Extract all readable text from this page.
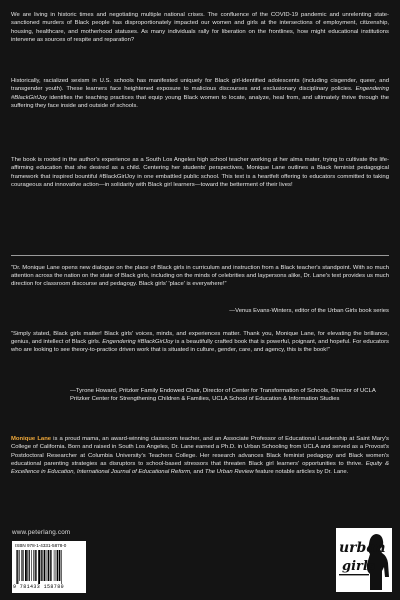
We are living in historic times and negotiating multiple national crises. The confluence of the COVID-19 pandemic and unrelenting state-sanctioned murders of Black people has disproportionately impacted our women and girls at the intersections of employment, citizenship, housing, healthcare, and motherhood statuses. As many individuals rally for liberation on the frontlines, how might educational institutions intervene as sources of respite and reparation?

Historically, racialized sexism in U.S. schools has manifested uniquely for Black girl-identified adolescents (including cisgender, queer, and transgender youth). These learners face heightened exposure to malicious discourses and exclusionary disciplinary policies. Engendering #BlackGirlJoy identifies the teaching practices that equip young Black women to locate, analyze, heal from, and ultimately thrive through the suffering they face inside and outside of schools.

The book is rooted in the author's experience as a South Los Angeles high school teacher working at her alma mater, trying to cultivate the life-affirming education that she desired as a child. Centering her students' perspectives, Monique Lane outlines a Black feminist pedagogical framework that inspired bountiful #BlackGirlJoy in one embattled public school. This text is a heartfelt offering to educators committed to taking courageous and innovative action—in solidarity with Black girl learners—toward the betterment of their lives!

“Dr. Monique Lane opens new dialogue on the place of Black girls in curriculum and instruction from a Black teacher's standpoint. With so much attention across the nation on the state of Black girls, including on the minds of celebrities and laypersons alike, Dr. Lane's text provides us much direction for classroom discourse and pedagogy. Black girls' 'place' is everywhere!”

—Venus Evans-Winters, editor of the Urban Girls book series

“Simply stated, Black girls matter! Black girls' voices, minds, and experiences matter. Thank you, Monique Lane, for elevating the brilliance, genius, and intellect of Black girls. Engendering #BlackGirlJoy is a beautifully crafted book that is powerful, poignant, and hopeful. For educators who are looking to see theory-to-practice driven work that is situated in culture, gender, care, and agency, this is the book!”

—Tyrone Howard, Pritzker Family Endowed Chair, Director of Center for Transformation of Schools, Director of UCLA Pritzker Center for Strengthening Children & Families, UCLA School of Education & Information Studies

Monique Lane is a proud mama, an award-winning classroom teacher, and an Associate Professor of Educational Leadership at Saint Mary's College of California. Born and raised in South Los Angeles, Dr. Lane earned a Ph.D. in Urban Schooling from UCLA and served as a Provost's Postdoctoral Researcher at Columbia University's Teachers College. Her research advances Black feminist pedagogy and Black women's educational parenting strategies as disruptors to school-based stressors that threaten Black girl learners' opportunities to thrive. Equity & Excellence in Education, International Journal of Educational Reform, and The Urban Review feature notable articles by Dr. Lane.

www.peterlang.com
ISBN 978-1-4331-5878-0
9 781433 158780
urban
girls
